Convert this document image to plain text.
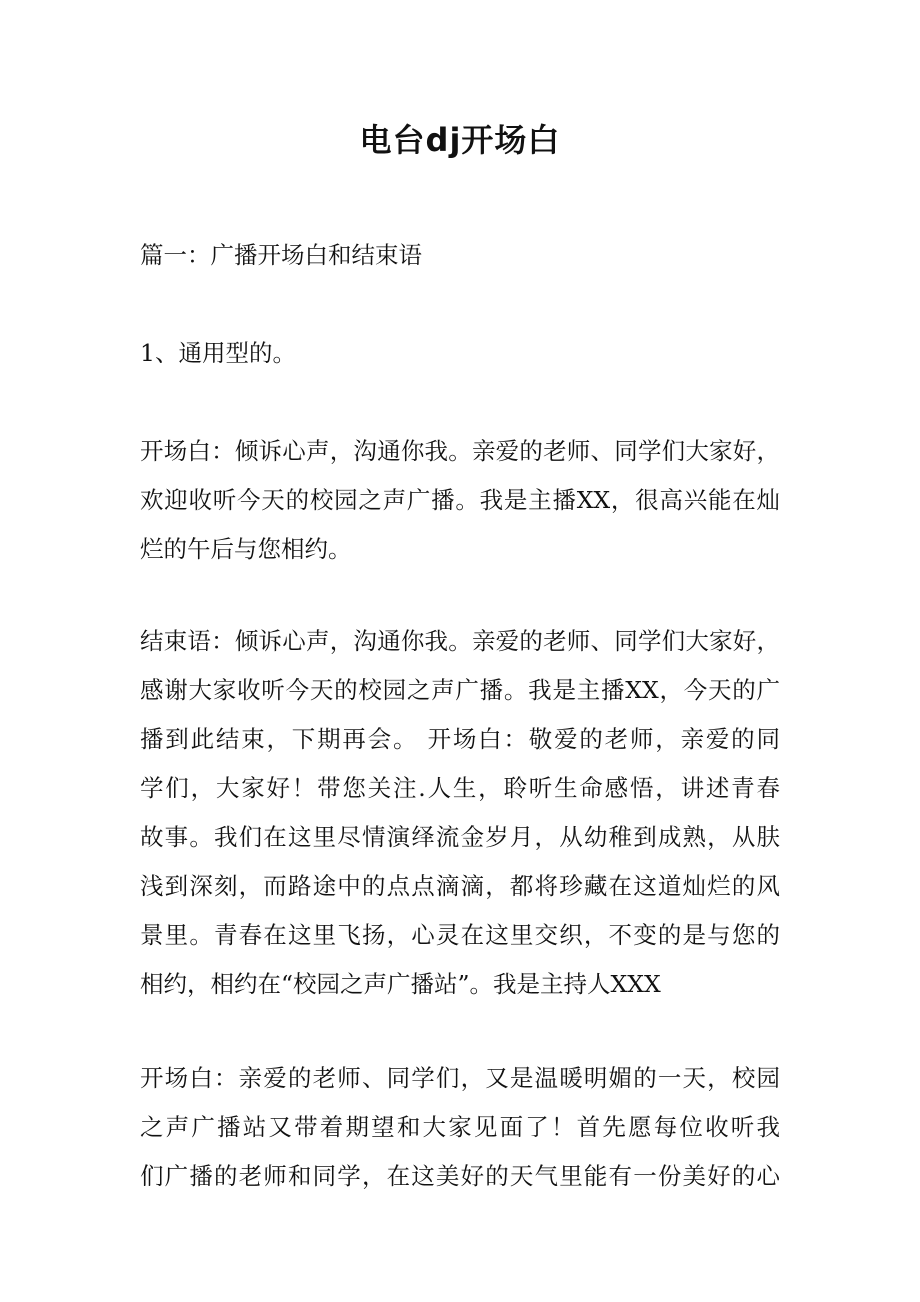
电台dj开场白
篇一：广播开场白和结束语
1、通用型的。
开场白：倾诉心声，沟通你我。亲爱的老师、同学们大家好，
欢迎收听今天的校园之声广播。我是主播XX，很高兴能在灿
烂的午后与您相约。
结束语：倾诉心声，沟通你我。亲爱的老师、同学们大家好，
感谢大家收听今天的校园之声广播。我是主播XX，今天的广
播到此结束，下期再会。 开场白：敬爱的老师，亲爱的同
学们，大家好！带您关注.人生，聆听生命感悟，讲述青春
故事。我们在这里尽情演绎流金岁月，从幼稚到成熟，从肤
浅到深刻，而路途中的点点滴滴，都将珍藏在这道灿烂的风
景里。青春在这里飞扬，心灵在这里交织，不变的是与您的
相约，相约在“校园之声广播站”。我是主持人XXX
开场白：亲爱的老师、同学们，又是温暖明媚的一天，校园
之声广播站又带着期望和大家见面了！首先愿每位收听我
们广播的老师和同学，在这美好的天气里能有一份美好的心
